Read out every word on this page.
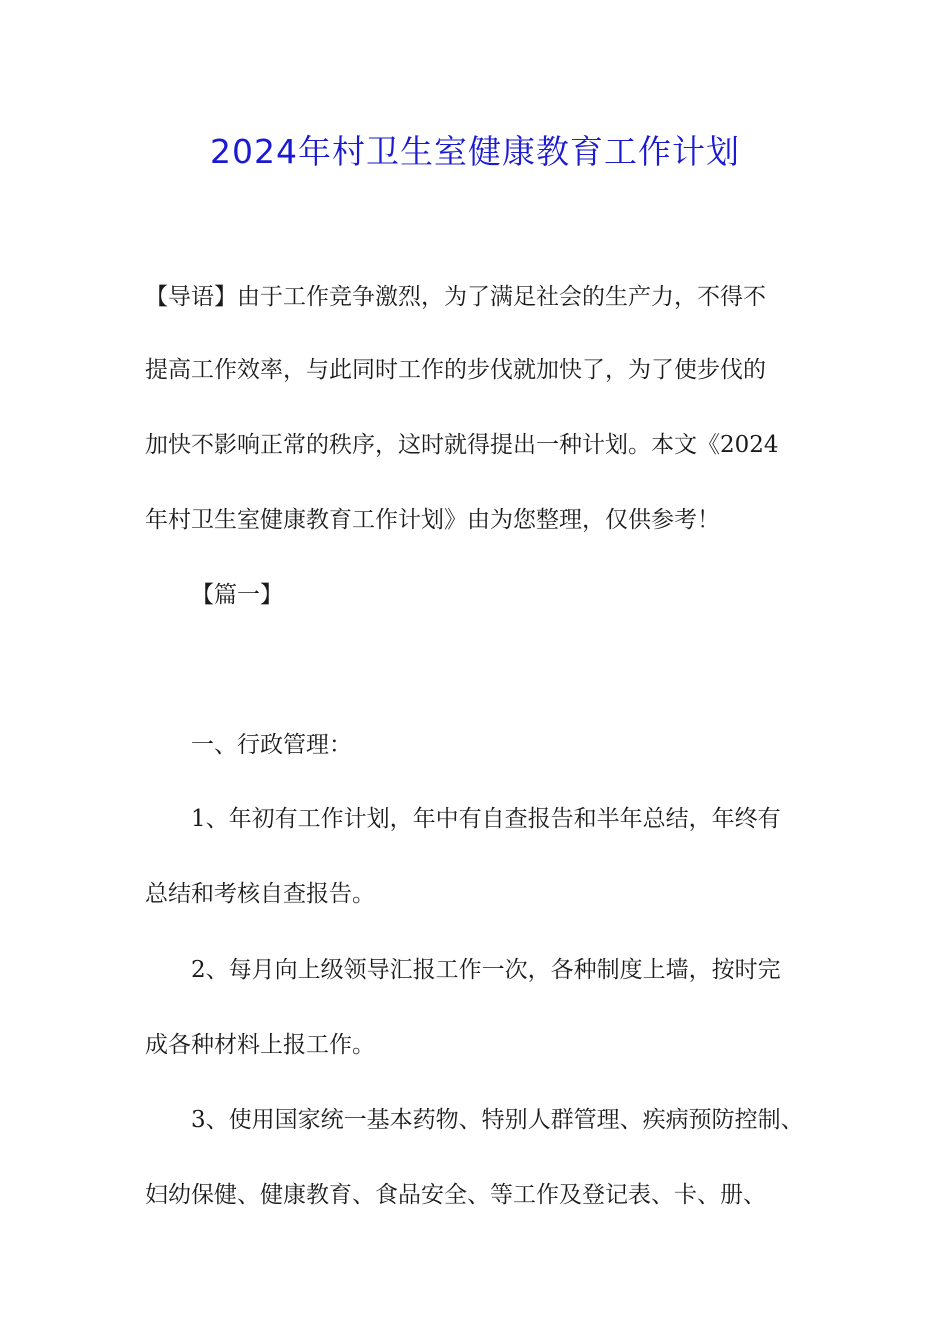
2024年村卫生室健康教育工作计划

【导语】由于工作竞争激烈，为了满足社会的生产力，不得不

提高工作效率，与此同时工作的步伐就加快了，为了使步伐的

加快不影响正常的秩序，这时就得提出一种计划。本文《2024

年村卫生室健康教育工作计划》由为您整理，仅供参考！

【篇一】

一、行政管理：

1、年初有工作计划，年中有自查报告和半年总结，年终有

总结和考核自查报告。

2、每月向上级领导汇报工作一次，各种制度上墙，按时完

成各种材料上报工作。

3、使用国家统一基本药物、特别人群管理、疾病预防控制、

妇幼保健、健康教育、食品安全、等工作及登记表、卡、册、
